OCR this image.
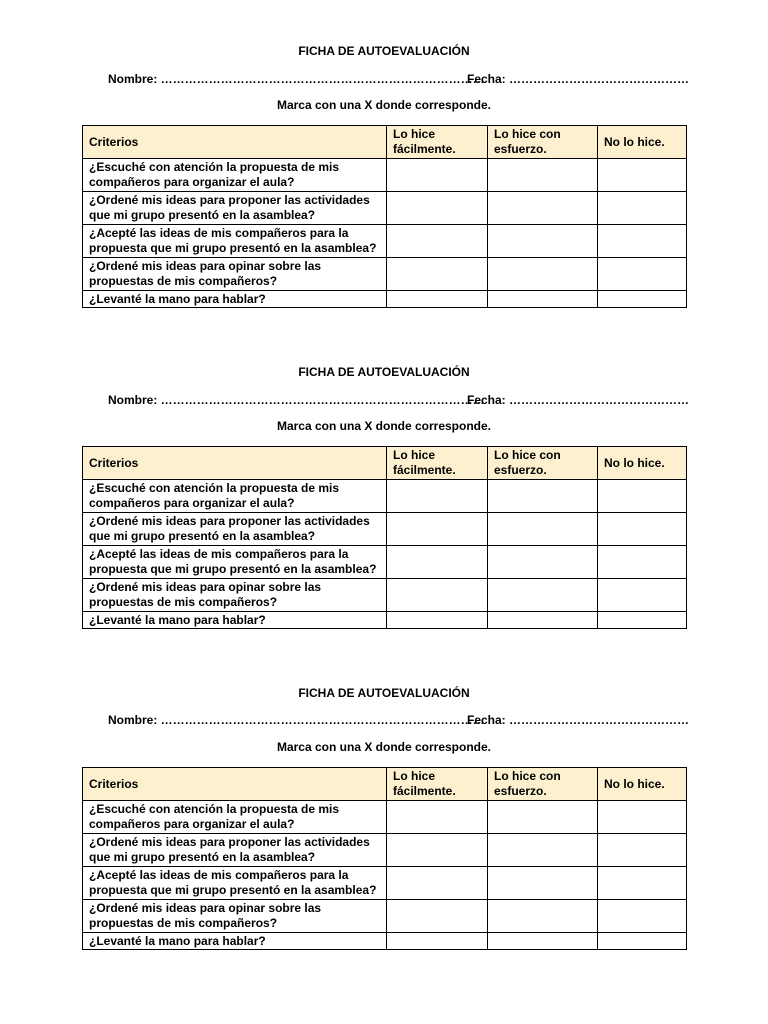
FICHA DE AUTOEVALUACIÓN
Nombre: ………………………………………………………………………
Fecha: ………………………………………
Marca con una X donde corresponde.
Criterios	Lo hice fácilmente.	Lo hice con esfuerzo.	No lo hice.
¿Escuché con atención la propuesta de mis compañeros para organizar el aula?			
¿Ordené mis ideas para proponer las actividades que mi grupo presentó en la asamblea?			
¿Acepté las ideas de mis compañeros para la propuesta que mi grupo presentó en la asamblea?			
¿Ordené mis ideas para opinar sobre las propuestas de mis compañeros?			
¿Levanté la mano para hablar?			
FICHA DE AUTOEVALUACIÓN
Nombre: ………………………………………………………………………
Fecha: ………………………………………
Marca con una X donde corresponde.
Criterios	Lo hice fácilmente.	Lo hice con esfuerzo.	No lo hice.
¿Escuché con atención la propuesta de mis compañeros para organizar el aula?			
¿Ordené mis ideas para proponer las actividades que mi grupo presentó en la asamblea?			
¿Acepté las ideas de mis compañeros para la propuesta que mi grupo presentó en la asamblea?			
¿Ordené mis ideas para opinar sobre las propuestas de mis compañeros?			
¿Levanté la mano para hablar?			
FICHA DE AUTOEVALUACIÓN
Nombre: ………………………………………………………………………
Fecha: ………………………………………
Marca con una X donde corresponde.
Criterios	Lo hice fácilmente.	Lo hice con esfuerzo.	No lo hice.
¿Escuché con atención la propuesta de mis compañeros para organizar el aula?			
¿Ordené mis ideas para proponer las actividades que mi grupo presentó en la asamblea?			
¿Acepté las ideas de mis compañeros para la propuesta que mi grupo presentó en la asamblea?			
¿Ordené mis ideas para opinar sobre las propuestas de mis compañeros?			
¿Levanté la mano para hablar?			
